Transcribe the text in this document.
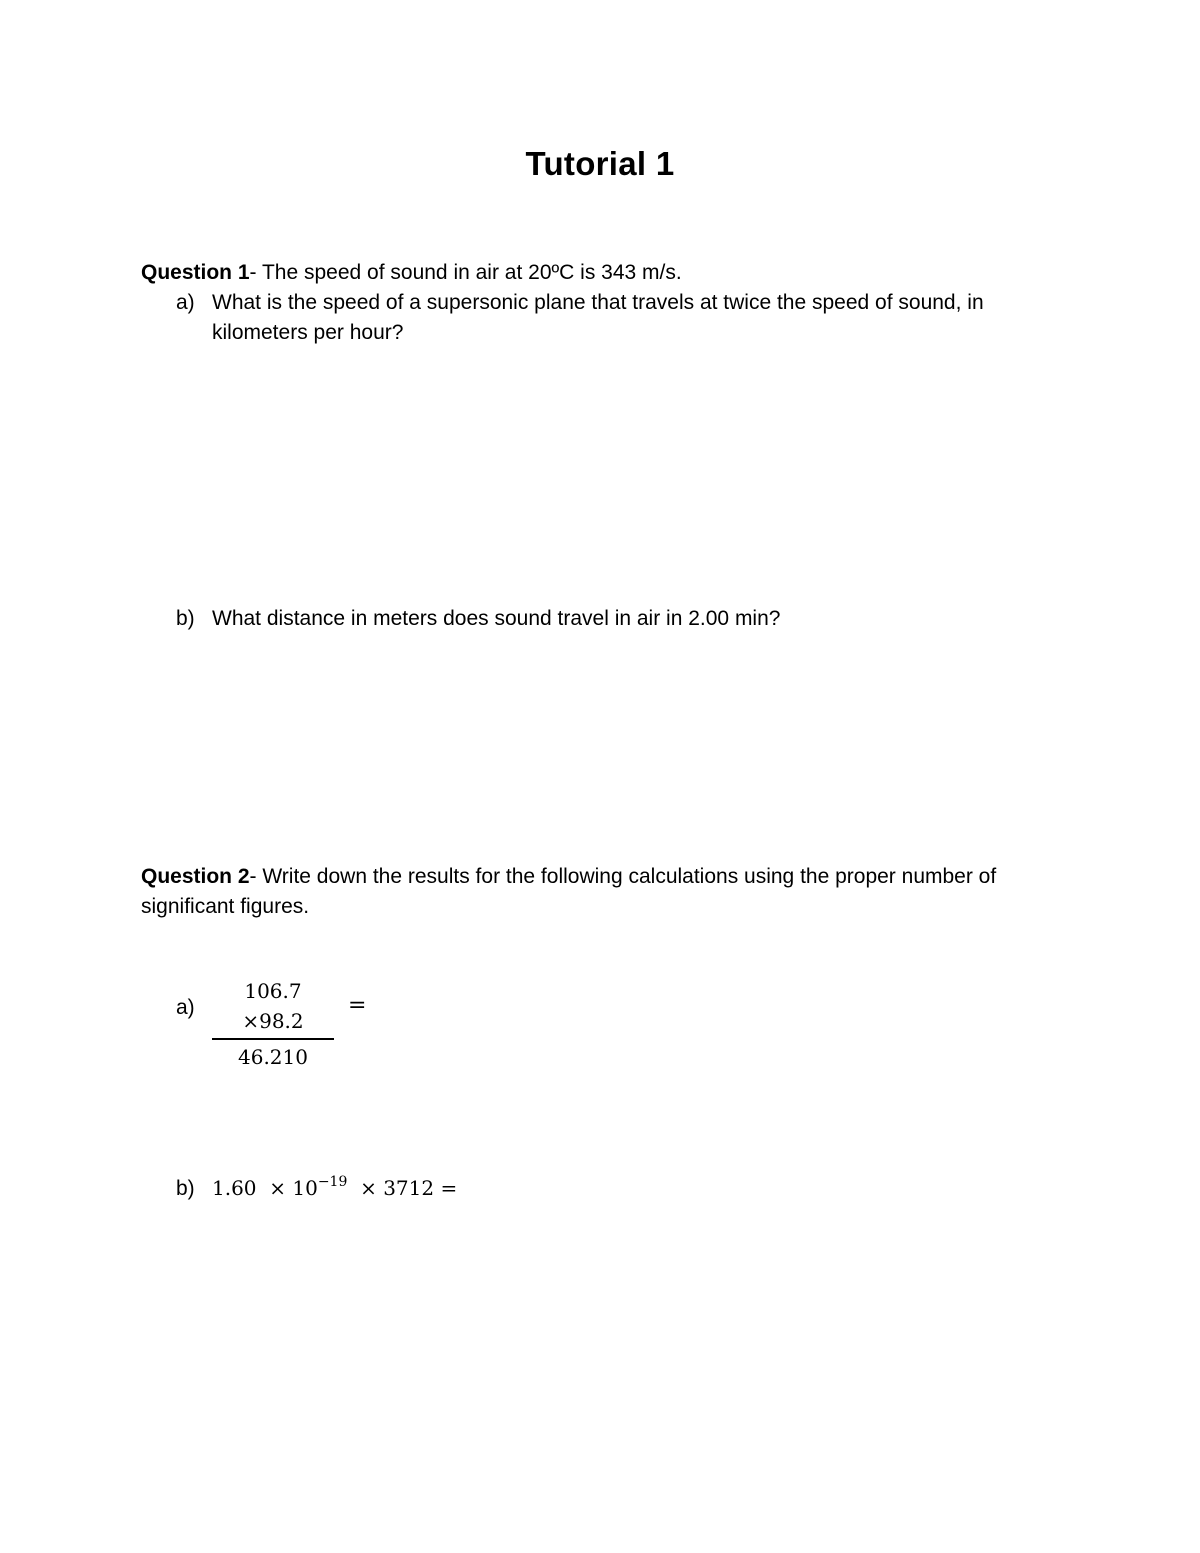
Tutorial 1
Question 1- The speed of sound in air at 20ºC is 343 m/s.
a) What is the speed of a supersonic plane that travels at twice the speed of sound, in
kilometers per hour?
b) What distance in meters does sound travel in air in 2.00 min?
Question 2- Write down the results for the following calculations using the proper number of
significant figures.
a)
106.7 ×98.2
46.210
=
b) $1.60 \times 10^{-19} \times 3712$ =
